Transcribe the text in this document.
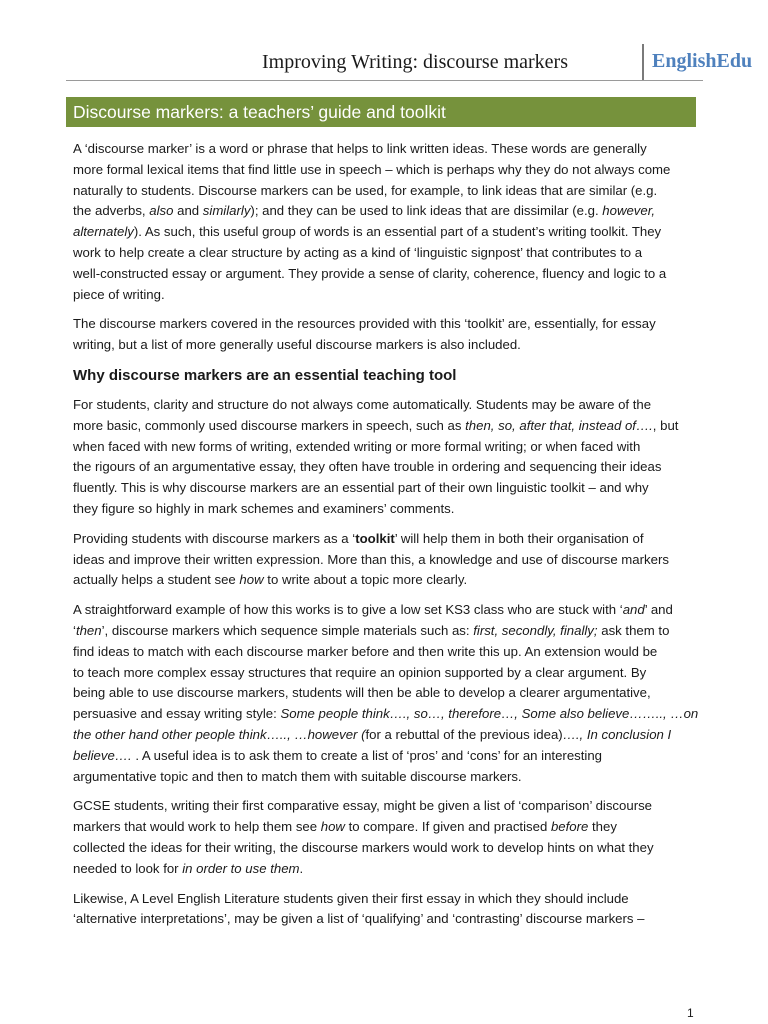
Improving Writing: discourse markers	EnglishEdu
Discourse markers: a teachers’ guide and toolkit

A ‘discourse marker’ is a word or phrase that helps to link written ideas. These words are generally
more formal lexical items that find little use in speech – which is perhaps why they do not always come
naturally to students. Discourse markers can be used, for example, to link ideas that are similar (e.g.
the adverbs, also and similarly); and they can be used to link ideas that are dissimilar (e.g. however,
alternately). As such, this useful group of words is an essential part of a student’s writing toolkit. They
work to help create a clear structure by acting as a kind of ‘linguistic signpost’ that contributes to a
well-constructed essay or argument. They provide a sense of clarity, coherence, fluency and logic to a
piece of writing.

The discourse markers covered in the resources provided with this ‘toolkit’ are, essentially, for essay
writing, but a list of more generally useful discourse markers is also included.

Why discourse markers are an essential teaching tool

For students, clarity and structure do not always come automatically. Students may be aware of the
more basic, commonly used discourse markers in speech, such as then, so, after that, instead of…., but
when faced with new forms of writing, extended writing or more formal writing; or when faced with
the rigours of an argumentative essay, they often have trouble in ordering and sequencing their ideas
fluently. This is why discourse markers are an essential part of their own linguistic toolkit – and why
they figure so highly in mark schemes and examiners’ comments.

Providing students with discourse markers as a ‘toolkit’ will help them in both their organisation of
ideas and improve their written expression. More than this, a knowledge and use of discourse markers
actually helps a student see how to write about a topic more clearly.

A straightforward example of how this works is to give a low set KS3 class who are stuck with ‘and’ and
‘then’, discourse markers which sequence simple materials such as: first, secondly, finally; ask them to
find ideas to match with each discourse marker before and then write this up. An extension would be
to teach more complex essay structures that require an opinion supported by a clear argument. By
being able to use discourse markers, students will then be able to develop a clearer argumentative,
persuasive and essay writing style: Some people think…., so…, therefore…, Some also believe…….., …on
the other hand other people think….., …however (for a rebuttal of the previous idea)…., In conclusion I
believe…. . A useful idea is to ask them to create a list of ‘pros’ and ‘cons’ for an interesting
argumentative topic and then to match them with suitable discourse markers.

GCSE students, writing their first comparative essay, might be given a list of ‘comparison’ discourse
markers that would work to help them see how to compare. If given and practised before they
collected the ideas for their writing, the discourse markers would work to develop hints on what they
needed to look for in order to use them.

Likewise, A Level English Literature students given their first essay in which they should include
‘alternative interpretations’, may be given a list of ‘qualifying’ and ‘contrasting’ discourse markers –

1
